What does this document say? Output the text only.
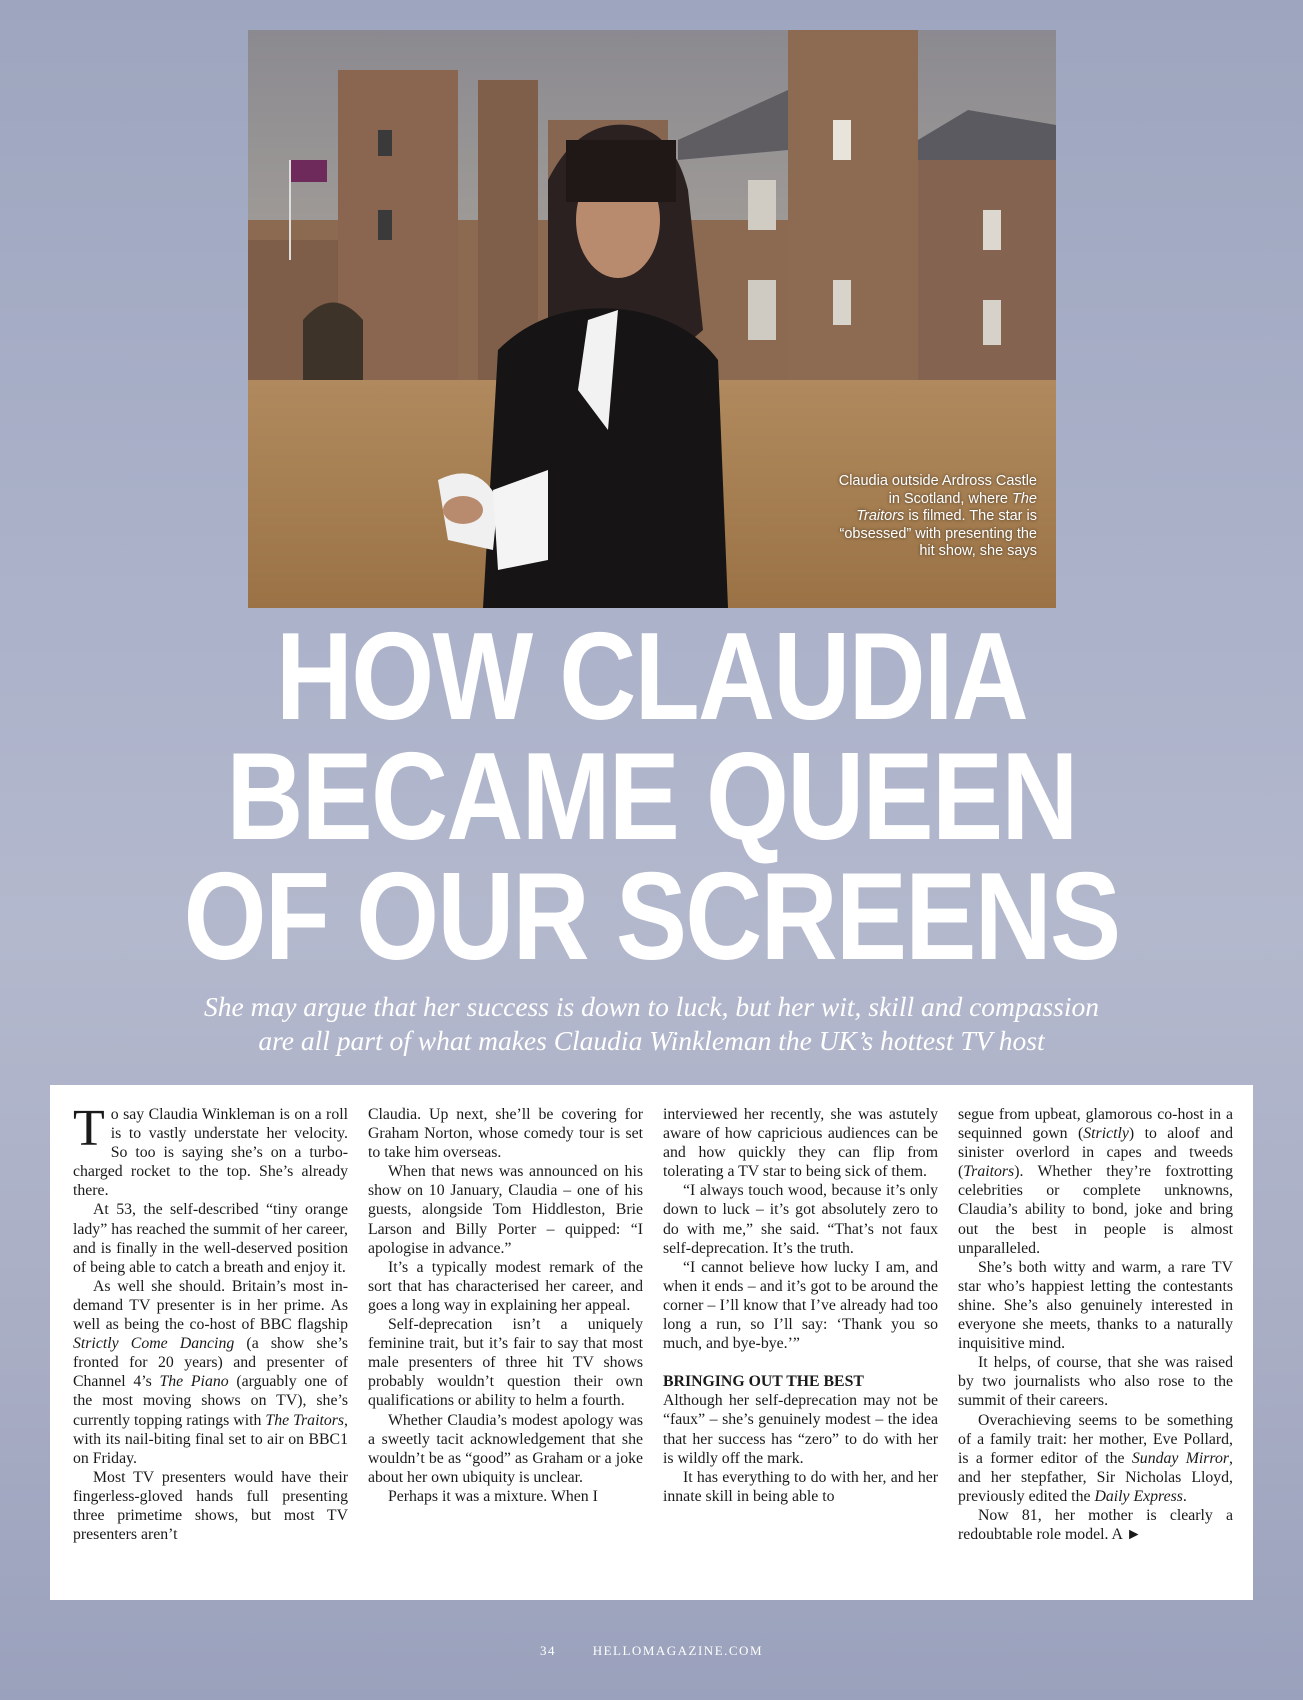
Claudia outside Ardross Castle in Scotland, where The Traitors is filmed. The star is “obsessed” with presenting the hit show, she says
HOW CLAUDIA
BECAME QUEEN
OF OUR SCREENS
She may argue that her success is down to luck, but her wit, skill and compassion
are all part of what makes Claudia Winkleman the UK’s hottest TV host

To say Claudia Winkleman is on a roll is to vastly understate her velocity. So too is saying she’s on a turbo-charged rocket to the top. She’s already there.

At 53, the self-described “tiny orange lady” has reached the summit of her career, and is finally in the well-deserved position of being able to catch a breath and enjoy it.

As well she should. Britain’s most in-demand TV presenter is in her prime. As well as being the co-host of BBC flagship Strictly Come Dancing (a show she’s fronted for 20 years) and presenter of Channel 4’s The Piano (arguably one of the most moving shows on TV), she’s currently topping ratings with The Traitors, with its nail-biting final set to air on BBC1 on Friday.

Most TV presenters would have their fingerless-gloved hands full presenting three primetime shows, but most TV presenters aren’t

Claudia. Up next, she’ll be covering for Graham Norton, whose comedy tour is set to take him overseas.

When that news was announced on his show on 10 January, Claudia – one of his guests, alongside Tom Hiddleston, Brie Larson and Billy Porter – quipped: “I apologise in advance.”

It’s a typically modest remark of the sort that has characterised her career, and goes a long way in explaining her appeal.

Self-deprecation isn’t a uniquely feminine trait, but it’s fair to say that most male presenters of three hit TV shows probably wouldn’t question their own qualifications or ability to helm a fourth.

Whether Claudia’s modest apology was a sweetly tacit acknowledgement that she wouldn’t be as “good” as Graham or a joke about her own ubiquity is unclear.

Perhaps it was a mixture. When I

interviewed her recently, she was astutely aware of how capricious audiences can be and how quickly they can flip from tolerating a TV star to being sick of them.

“I always touch wood, because it’s only down to luck – it’s got absolutely zero to do with me,” she said. “That’s not faux self-deprecation. It’s the truth.

“I cannot believe how lucky I am, and when it ends – and it’s got to be around the corner – I’ll know that I’ve already had too long a run, so I’ll say: ‘Thank you so much, and bye-bye.’”

BRINGING OUT THE BEST

Although her self-deprecation may not be “faux” – she’s genuinely modest – the idea that her success has “zero” to do with her is wildly off the mark.

It has everything to do with her, and her innate skill in being able to

segue from upbeat, glamorous co-host in a sequinned gown (Strictly) to aloof and sinister overlord in capes and tweeds (Traitors). Whether they’re foxtrotting celebrities or complete unknowns, Claudia’s ability to bond, joke and bring out the best in people is almost unparalleled.

She’s both witty and warm, a rare TV star who’s happiest letting the contestants shine. She’s also genuinely interested in everyone she meets, thanks to a naturally inquisitive mind.

It helps, of course, that she was raised by two journalists who also rose to the summit of their careers.

Overachieving seems to be something of a family trait: her mother, Eve Pollard, is a former editor of the Sunday Mirror, and her stepfather, Sir Nicholas Lloyd, previously edited the Daily Express.

Now 81, her mother is clearly a redoubtable role model. A ►

34	HELLOMAGAZINE.COM
